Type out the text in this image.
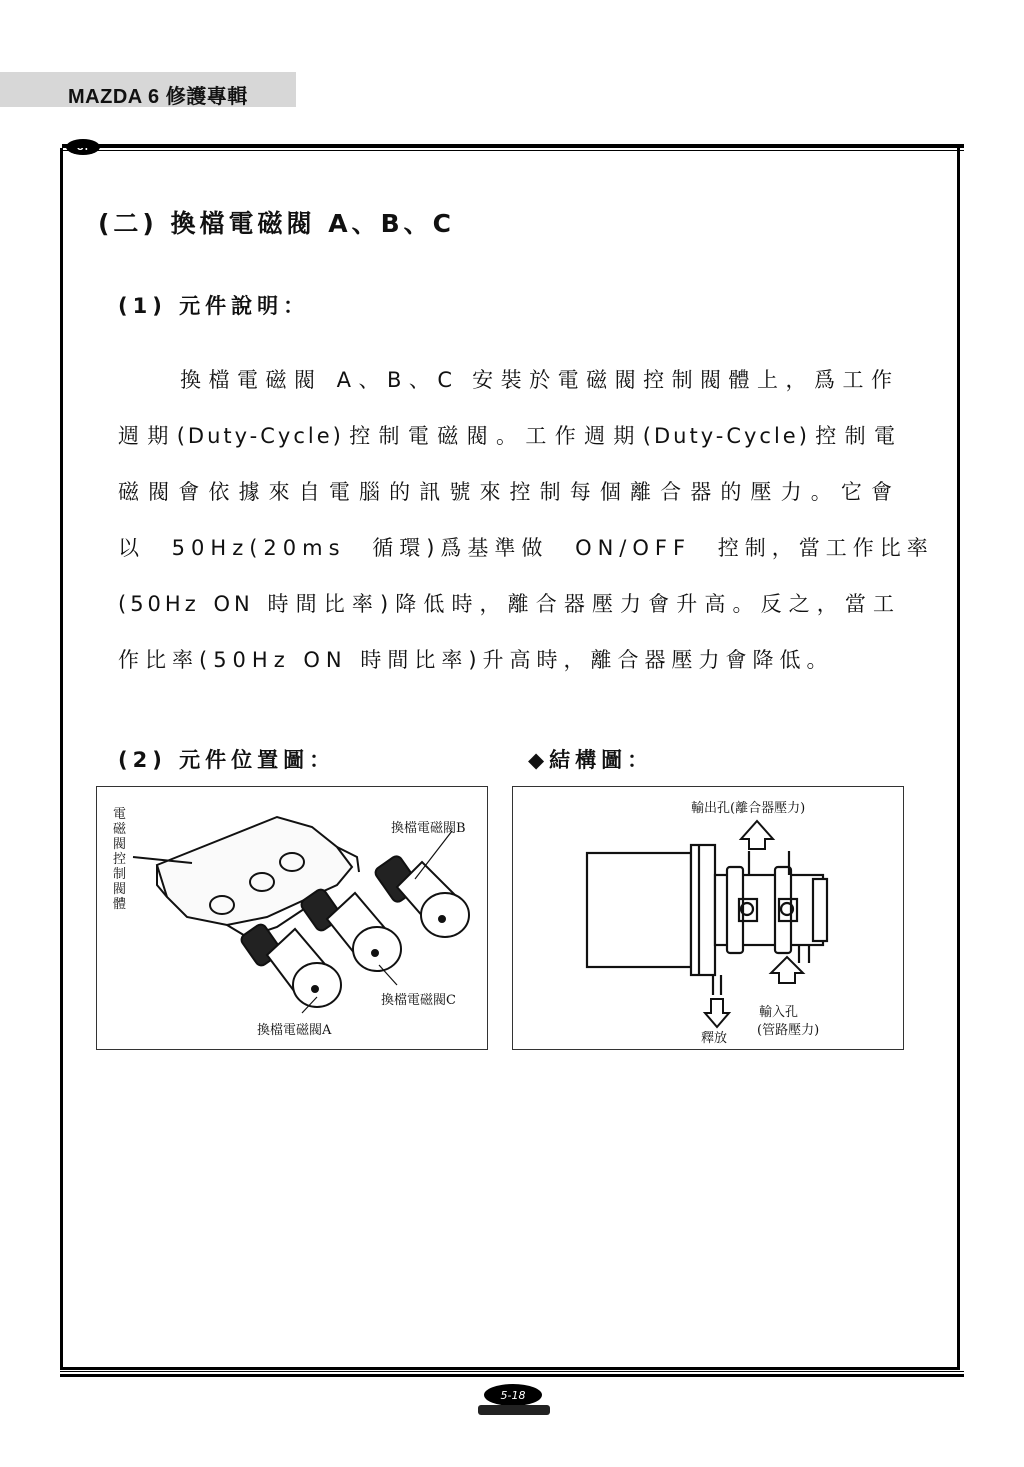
MAZDA 6 修護專輯
(二) 換檔電磁閥 A、B、C
(1) 元件說明：
換檔電磁閥 A、B、C 安裝於電磁閥控制閥體上，爲工作
週期(Duty-Cycle)控制電磁閥。工作週期(Duty-Cycle)控制電
磁閥會依據來自電腦的訊號來控制每個離合器的壓力。它會
以 50Hz(20ms 循環)爲基準做 ON/OFF 控制，當工作比率
(50Hz ON 時間比率)降低時，離合器壓力會升高。反之，當工
作比率(50Hz ON 時間比率)升高時，離合器壓力會降低。
(2) 元件位置圖：	◆結構圖：
電磁閥控制閥體
換檔電磁閥B
換檔電磁閥C
換檔電磁閥A
輸出孔(離合器壓力)
輸入孔
(管路壓力)
釋放
5-18
